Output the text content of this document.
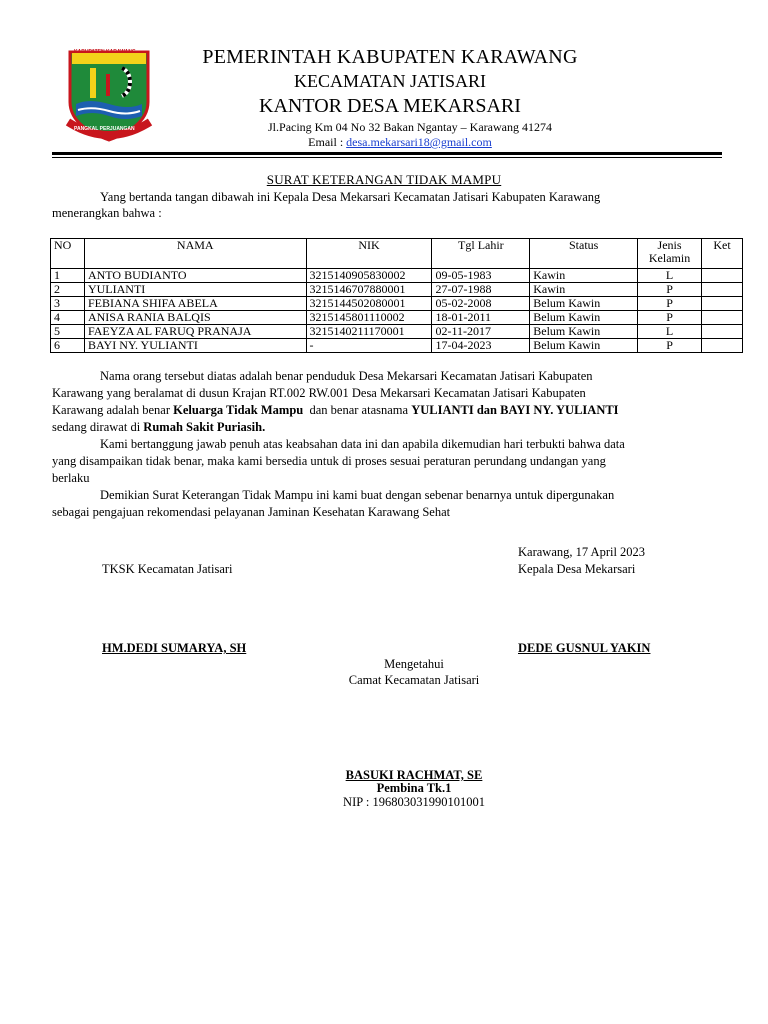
KABUPATEN KARAWANG
PANGKAL PERJUANGAN
PEMERINTAH KABUPATEN KARAWANG
KECAMATAN JATISARI
KANTOR DESA MEKARSARI
Jl.Pacing Km 04 No 32 Bakan Ngantay – Karawang 41274
Email : desa.mekarsari18@gmail.com
SURAT KETERANGAN TIDAK MAMPU
Yang bertanda tangan dibawah ini Kepala Desa Mekarsari Kecamatan Jatisari Kabupaten Karawang
menerangkan bahwa :
NO	NAMA	NIK	Tgl Lahir	Status	Jenis Kelamin	Ket
1	ANTO BUDIANTO	3215140905830002	09-05-1983	Kawin	L	
2	YULIANTI	3215146707880001	27-07-1988	Kawin	P	
3	FEBIANA SHIFA ABELA	3215144502080001	05-02-2008	Belum Kawin	P	
4	ANISA RANIA BALQIS	3215145801110002	18-01-2011	Belum Kawin	P	
5	FAEYZA AL FARUQ PRANAJA	3215140211170001	02-11-2017	Belum Kawin	L	
6	BAYI NY. YULIANTI	-	17-04-2023	Belum Kawin	P	

Nama orang tersebut diatas adalah benar penduduk Desa Mekarsari Kecamatan Jatisari Kabupaten

Karawang yang beralamat di dusun Krajan RT.002 RW.001 Desa Mekarsari Kecamatan Jatisari Kabupaten

Karawang adalah benar Keluarga Tidak Mampu  dan benar atasnama YULIANTI dan BAYI NY. YULIANTI

sedang dirawat di Rumah Sakit Puriasih.

Kami bertanggung jawab penuh atas keabsahan data ini dan apabila dikemudian hari terbukti bahwa data

yang disampaikan tidak benar, maka kami bersedia untuk di proses sesuai peraturan perundang undangan yang

berlaku

Demikian Surat Keterangan Tidak Mampu ini kami buat dengan sebenar benarnya untuk dipergunakan

sebagai pengajuan rekomendasi pelayanan Jaminan Kesehatan Karawang Sehat

Karawang, 17 April 2023
TKSK Kecamatan Jatisari	Kepala Desa Mekarsari
HM.DEDI SUMARYA, SH	DEDE GUSNUL YAKIN
Mengetahui
Camat Kecamatan Jatisari
BASUKI RACHMAT, SE
Pembina Tk.1
NIP : 196803031990101001
